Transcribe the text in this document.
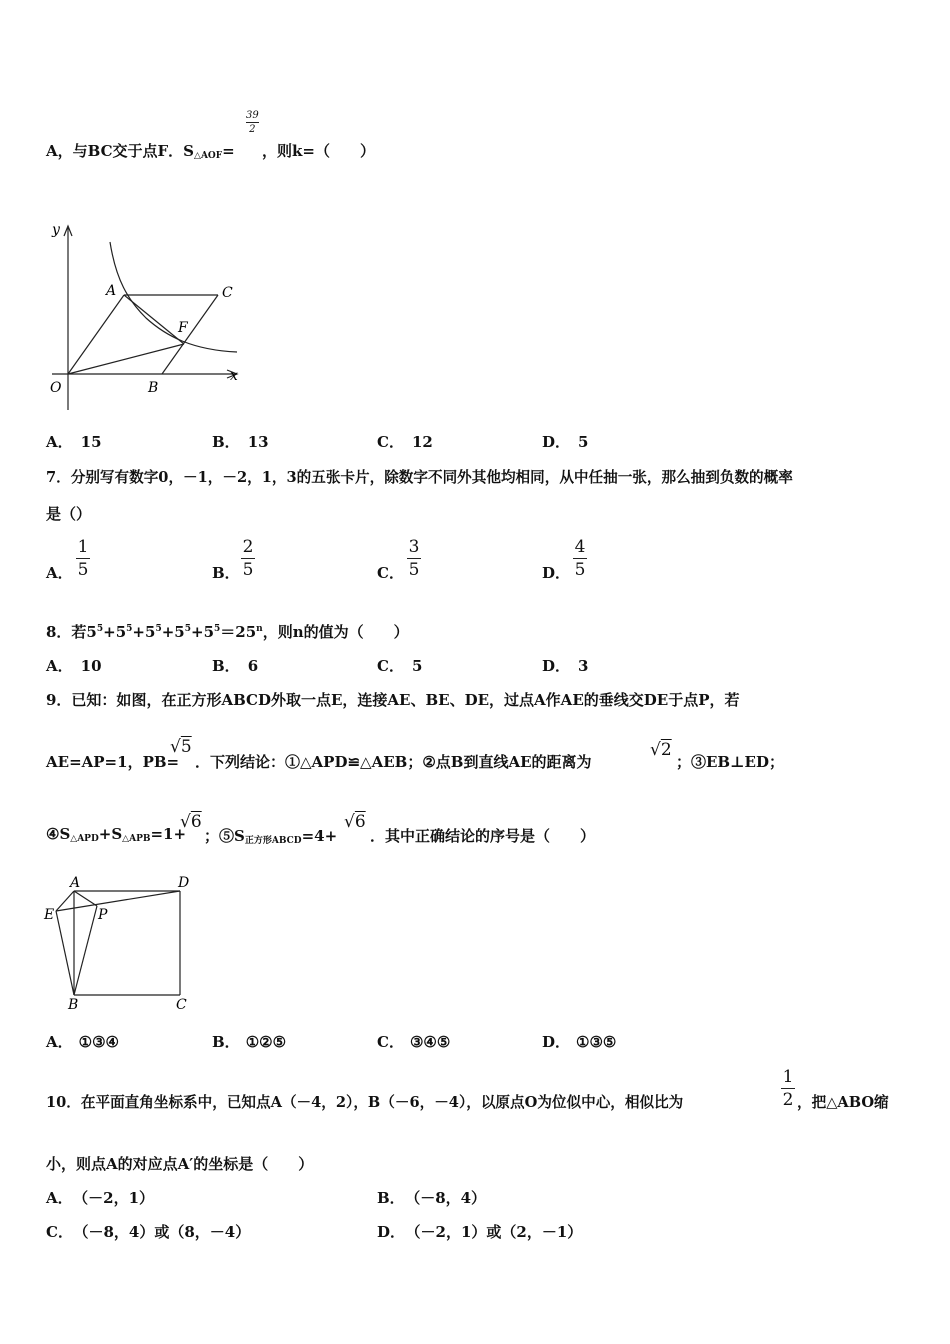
A，与BC交于点F．$S_{\triangle AOF}=$
39
2
，则k=（　　）
y
x
O
A	C
F
B
A． 15	B． 13	C． 12	D． 5
7．分别写有数字0，－1，－2，1，3的五张卡片，除数字不同外其他均相同，从中任抽一张，那么抽到负数的概率
是（）
A．
1
5	B．
2
5	C．
3
5	D．
4
5
8．若$5^5+5^5+5^5+5^5+5^5=25^n$，则n的值为（　　）
A． 10	B． 6	C． 5	D． 3
9．已知：如图，在正方形ABCD外取一点E，连接AE、BE、DE，过点A作AE的垂线交DE于点P，若
AE=AP=1，PB=
√5
．下列结论：①△APD≌△AEB；②点B到直线AE的距离为
√2
；③EB⊥ED；
$④S_{\triangle APD}+S_{\triangle APB}=1+$
√6
；$⑤S_{正方形ABCD}=4+$
√6
．其中正确结论的序号是（　　）
A	D
E	P
B	C
A． ①③④	B． ①②⑤	C． ③④⑤	D． ①③⑤
10．在平面直角坐标系中，已知点A（－4，2），B（－6，－4），以原点O为位似中心，相似比为
1
2 ，把△ABO缩
小，则点A的对应点A′的坐标是（　　）
A． （－2，1）	B． （－8，4）
C． （－8，4）或（8，－4）	D． （－2，1）或（2，－1）
